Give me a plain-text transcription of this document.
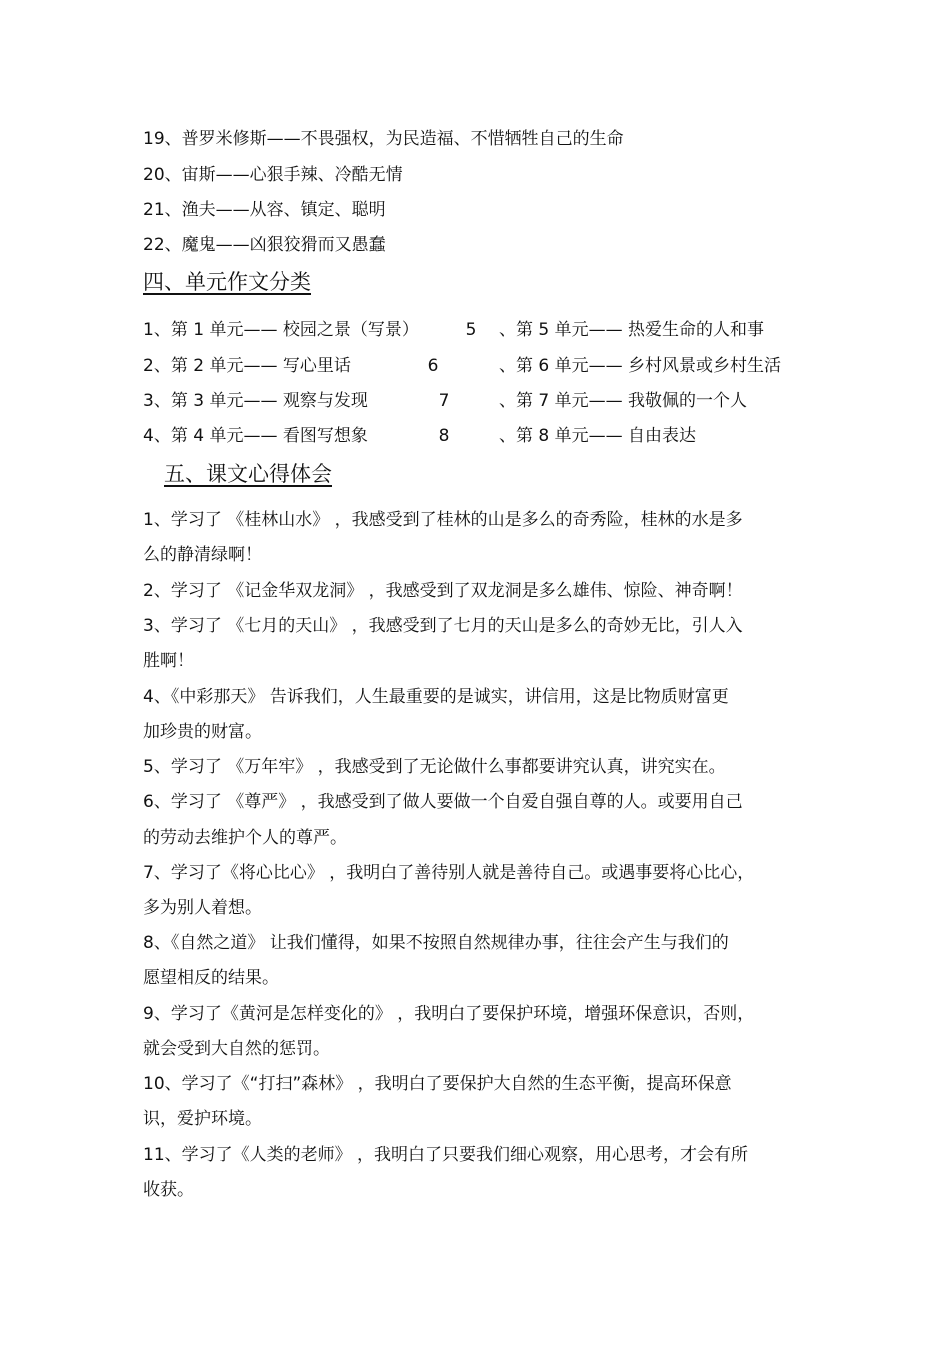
19、普罗米修斯——不畏强权，为民造福、不惜牺牲自己的生命
20、宙斯——心狠手辣、冷酷无情
21、渔夫——从容、镇定、聪明
22、魔鬼——凶狠狡猾而又愚蠢
四、单元作文分类
1、第 1 单元—— 校园之景（写景）	5 、第 5 单元—— 热爱生命的人和事
2、第 2 单元—— 写心里话	6	、第 6 单元—— 乡村风景或乡村生活
3、第 3 单元—— 观察与发现	7	、第 7 单元—— 我敬佩的一个人
4、第 4 单元—— 看图写想象	8	、第 8 单元—— 自由表达
五、课文心得体会
1、学习了 《桂林山水》 ，我感受到了桂林的山是多么的奇秀险，桂林的水是多
么的静清绿啊！
2、学习了 《记金华双龙洞》 ，我感受到了双龙洞是多么雄伟、惊险、神奇啊！
3、学习了 《七月的天山》 ，我感受到了七月的天山是多么的奇妙无比，引人入
胜啊！
4、《中彩那天》 告诉我们，人生最重要的是诚实，讲信用，这是比物质财富更
加珍贵的财富。
5、学习了 《万年牢》 ，我感受到了无论做什么事都要讲究认真，讲究实在。
6、学习了 《尊严》 ，我感受到了做人要做一个自爱自强自尊的人。或要用自己
的劳动去维护个人的尊严。
7、学习了《将心比心》 ，我明白了善待别人就是善待自己。或遇事要将心比心，
多为别人着想。
8、《自然之道》 让我们懂得，如果不按照自然规律办事，往往会产生与我们的
愿望相反的结果。
9、学习了《黄河是怎样变化的》 ，我明白了要保护环境，增强环保意识，否则，
就会受到大自然的惩罚。
10、学习了《“打扫”森林》 ，我明白了要保护大自然的生态平衡，提高环保意
识，爱护环境。
11、学习了《人类的老师》 ，我明白了只要我们细心观察，用心思考，才会有所
收获。
